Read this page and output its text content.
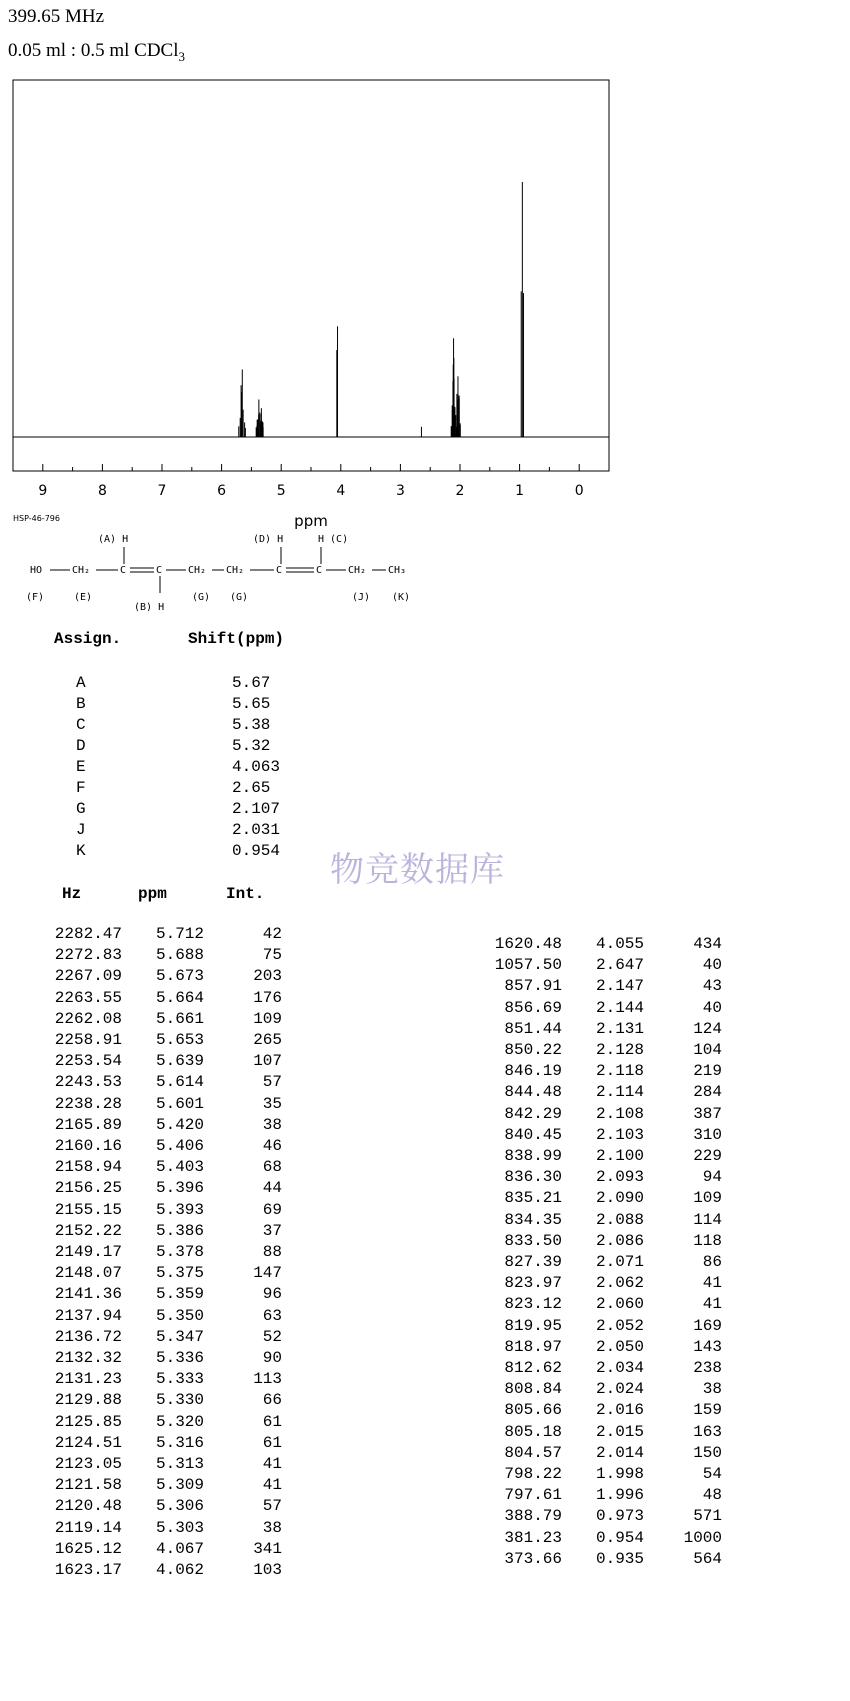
399.65 MHz
0.05 ml : 0.5 ml CDCl$_3$
9	8	7	6	5	4	3	2	1	0
ppm
HSP-46-796
(A) H	(D) H	H (C)
HO	CH₂	C	C	CH₂ CH₂	C	C	CH₂ CH₃
(F)	(E)
(B) H
(G) (G)	(J) (K)
Assign.	Shift(ppm)
A	5.67
B	5.65
C	5.38
D	5.32
E	4.063
F	2.65
G	2.107
J	2.031
K	0.954 物竞数据库
Hz	ppm	Int.
2282.47	5.712	42
2272.83	5.688	75
2267.09	5.673	203
2263.55	5.664	176
2262.08	5.661	109
2258.91	5.653	265
2253.54	5.639	107
2243.53	5.614	57
2238.28	5.601	35
2165.89	5.420	38
2160.16	5.406	46
2158.94	5.403	68
2156.25	5.396	44
2155.15	5.393	69
2152.22	5.386	37
2149.17	5.378	88
2148.07	5.375	147
2141.36	5.359	96
2137.94	5.350	63
2136.72	5.347	52
2132.32	5.336	90
2131.23	5.333	113
2129.88	5.330	66
2125.85	5.320	61
2124.51	5.316	61
2123.05	5.313	41
2121.58	5.309	41
2120.48	5.306	57
2119.14	5.303	38
1625.12	4.067	341
1623.17	4.062	103
1620.48	4.055	434
1057.50	2.647	40
857.91	2.147	43
856.69	2.144	40
851.44	2.131	124
850.22	2.128	104
846.19	2.118	219
844.48	2.114	284
842.29	2.108	387
840.45	2.103	310
838.99	2.100	229
836.30	2.093	94
835.21	2.090	109
834.35	2.088	114
833.50	2.086	118
827.39	2.071	86
823.97	2.062	41
823.12	2.060	41
819.95	2.052	169
818.97	2.050	143
812.62	2.034	238
808.84	2.024	38
805.66	2.016	159
805.18	2.015	163
804.57	2.014	150
798.22	1.998	54
797.61	1.996	48
388.79	0.973	571
381.23	0.954	1000
373.66	0.935	564
